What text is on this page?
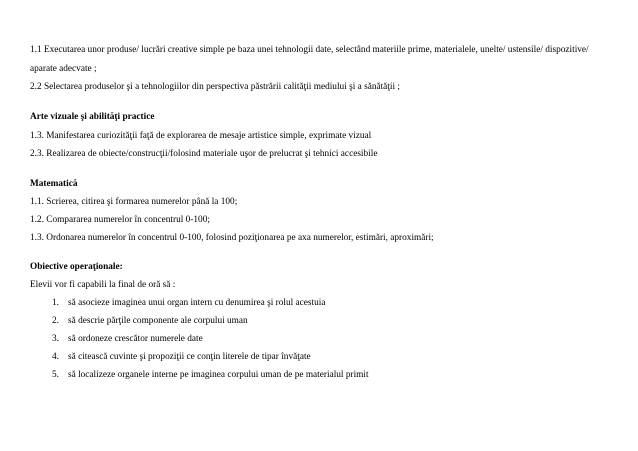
1.1 Executarea unor produse/ lucrări creative simple pe baza unei tehnologii date, selectând materiile prime, materialele, unelte/ ustensile/ dispozitive/
aparate adecvate ;
2.2 Selectarea produselor şi a tehnologiilor din perspectiva păstrării calităţii mediului şi a sănătăţii ;
Arte vizuale şi abilităţi practice
1.3. Manifestarea curiozităţii faţă de explorarea de mesaje artistice simple, exprimate vizual
2.3. Realizarea de obiecte/construcţii/folosind materiale uşor de prelucrat şi tehnici accesibile
Matematică
1.1. Scrierea, citirea şi formarea numerelor până la 100;
1.2. Compararea numerelor în concentrul 0-100;
1.3. Ordonarea numerelor în concentrul 0-100, folosind poziţionarea pe axa numerelor, estimări, aproximări;
Obiective operaţionale:
Elevii vor fi capabili la final de oră să :
1. să asocieze imaginea unui organ intern cu denumirea şi rolul acestuia
2. să descrie părţile componente ale corpului uman
3. să ordoneze crescător numerele date
4. să citească cuvinte şi propoziţii ce conţin literele de tipar învăţate
5. să localizeze organele interne pe imaginea corpului uman de pe materialul primit
